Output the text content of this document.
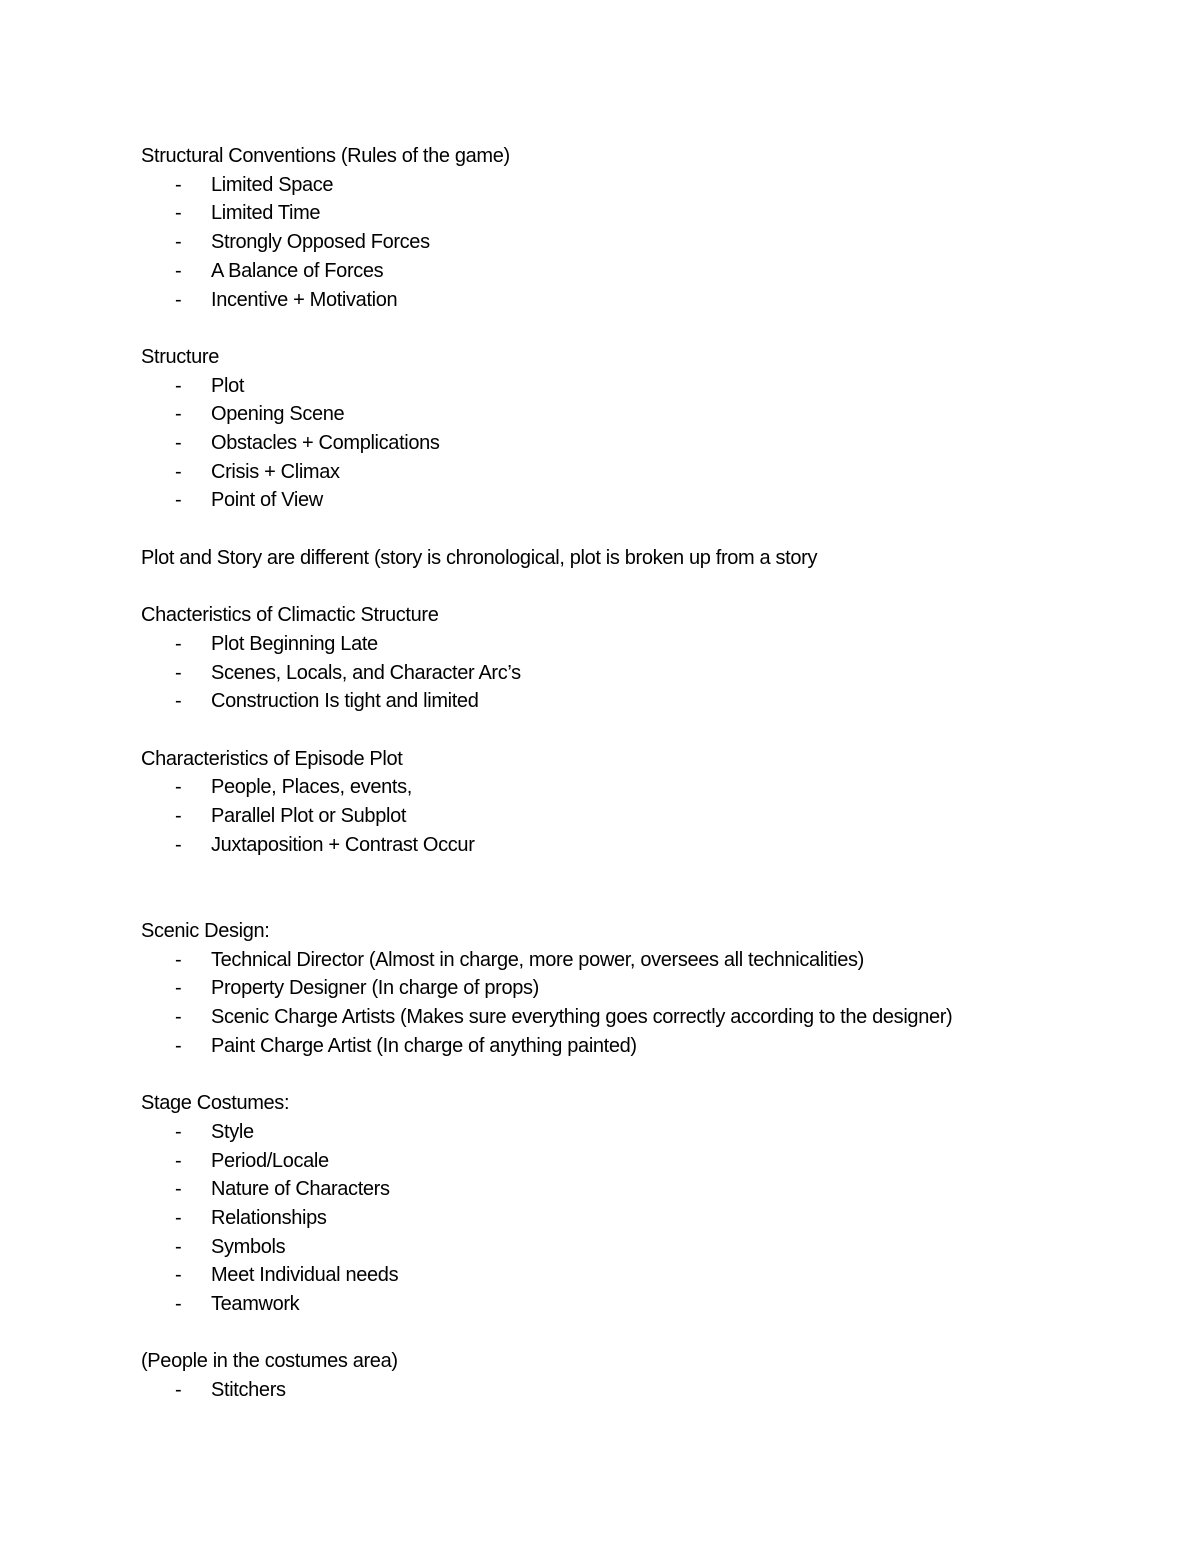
Structural Conventions (Rules of the game)
- Limited Space
- Limited Time
- Strongly Opposed Forces
- A Balance of Forces
- Incentive + Motivation
Structure
- Plot
- Opening Scene
- Obstacles + Complications
- Crisis + Climax
- Point of View
Plot and Story are different (story is chronological, plot is broken up from a story
Chacteristics of Climactic Structure
- Plot Beginning Late
- Scenes, Locals, and Character Arc’s
- Construction Is tight and limited
Characteristics of Episode Plot
- People, Places, events,
- Parallel Plot or Subplot
- Juxtaposition + Contrast Occur
Scenic Design:
- Technical Director (Almost in charge, more power, oversees all technicalities)
- Property Designer (In charge of props)
- Scenic Charge Artists (Makes sure everything goes correctly according to the designer)
- Paint Charge Artist (In charge of anything painted)
Stage Costumes:
- Style
- Period/Locale
- Nature of Characters
- Relationships
- Symbols
- Meet Individual needs
- Teamwork
(People in the costumes area)
- Stitchers
